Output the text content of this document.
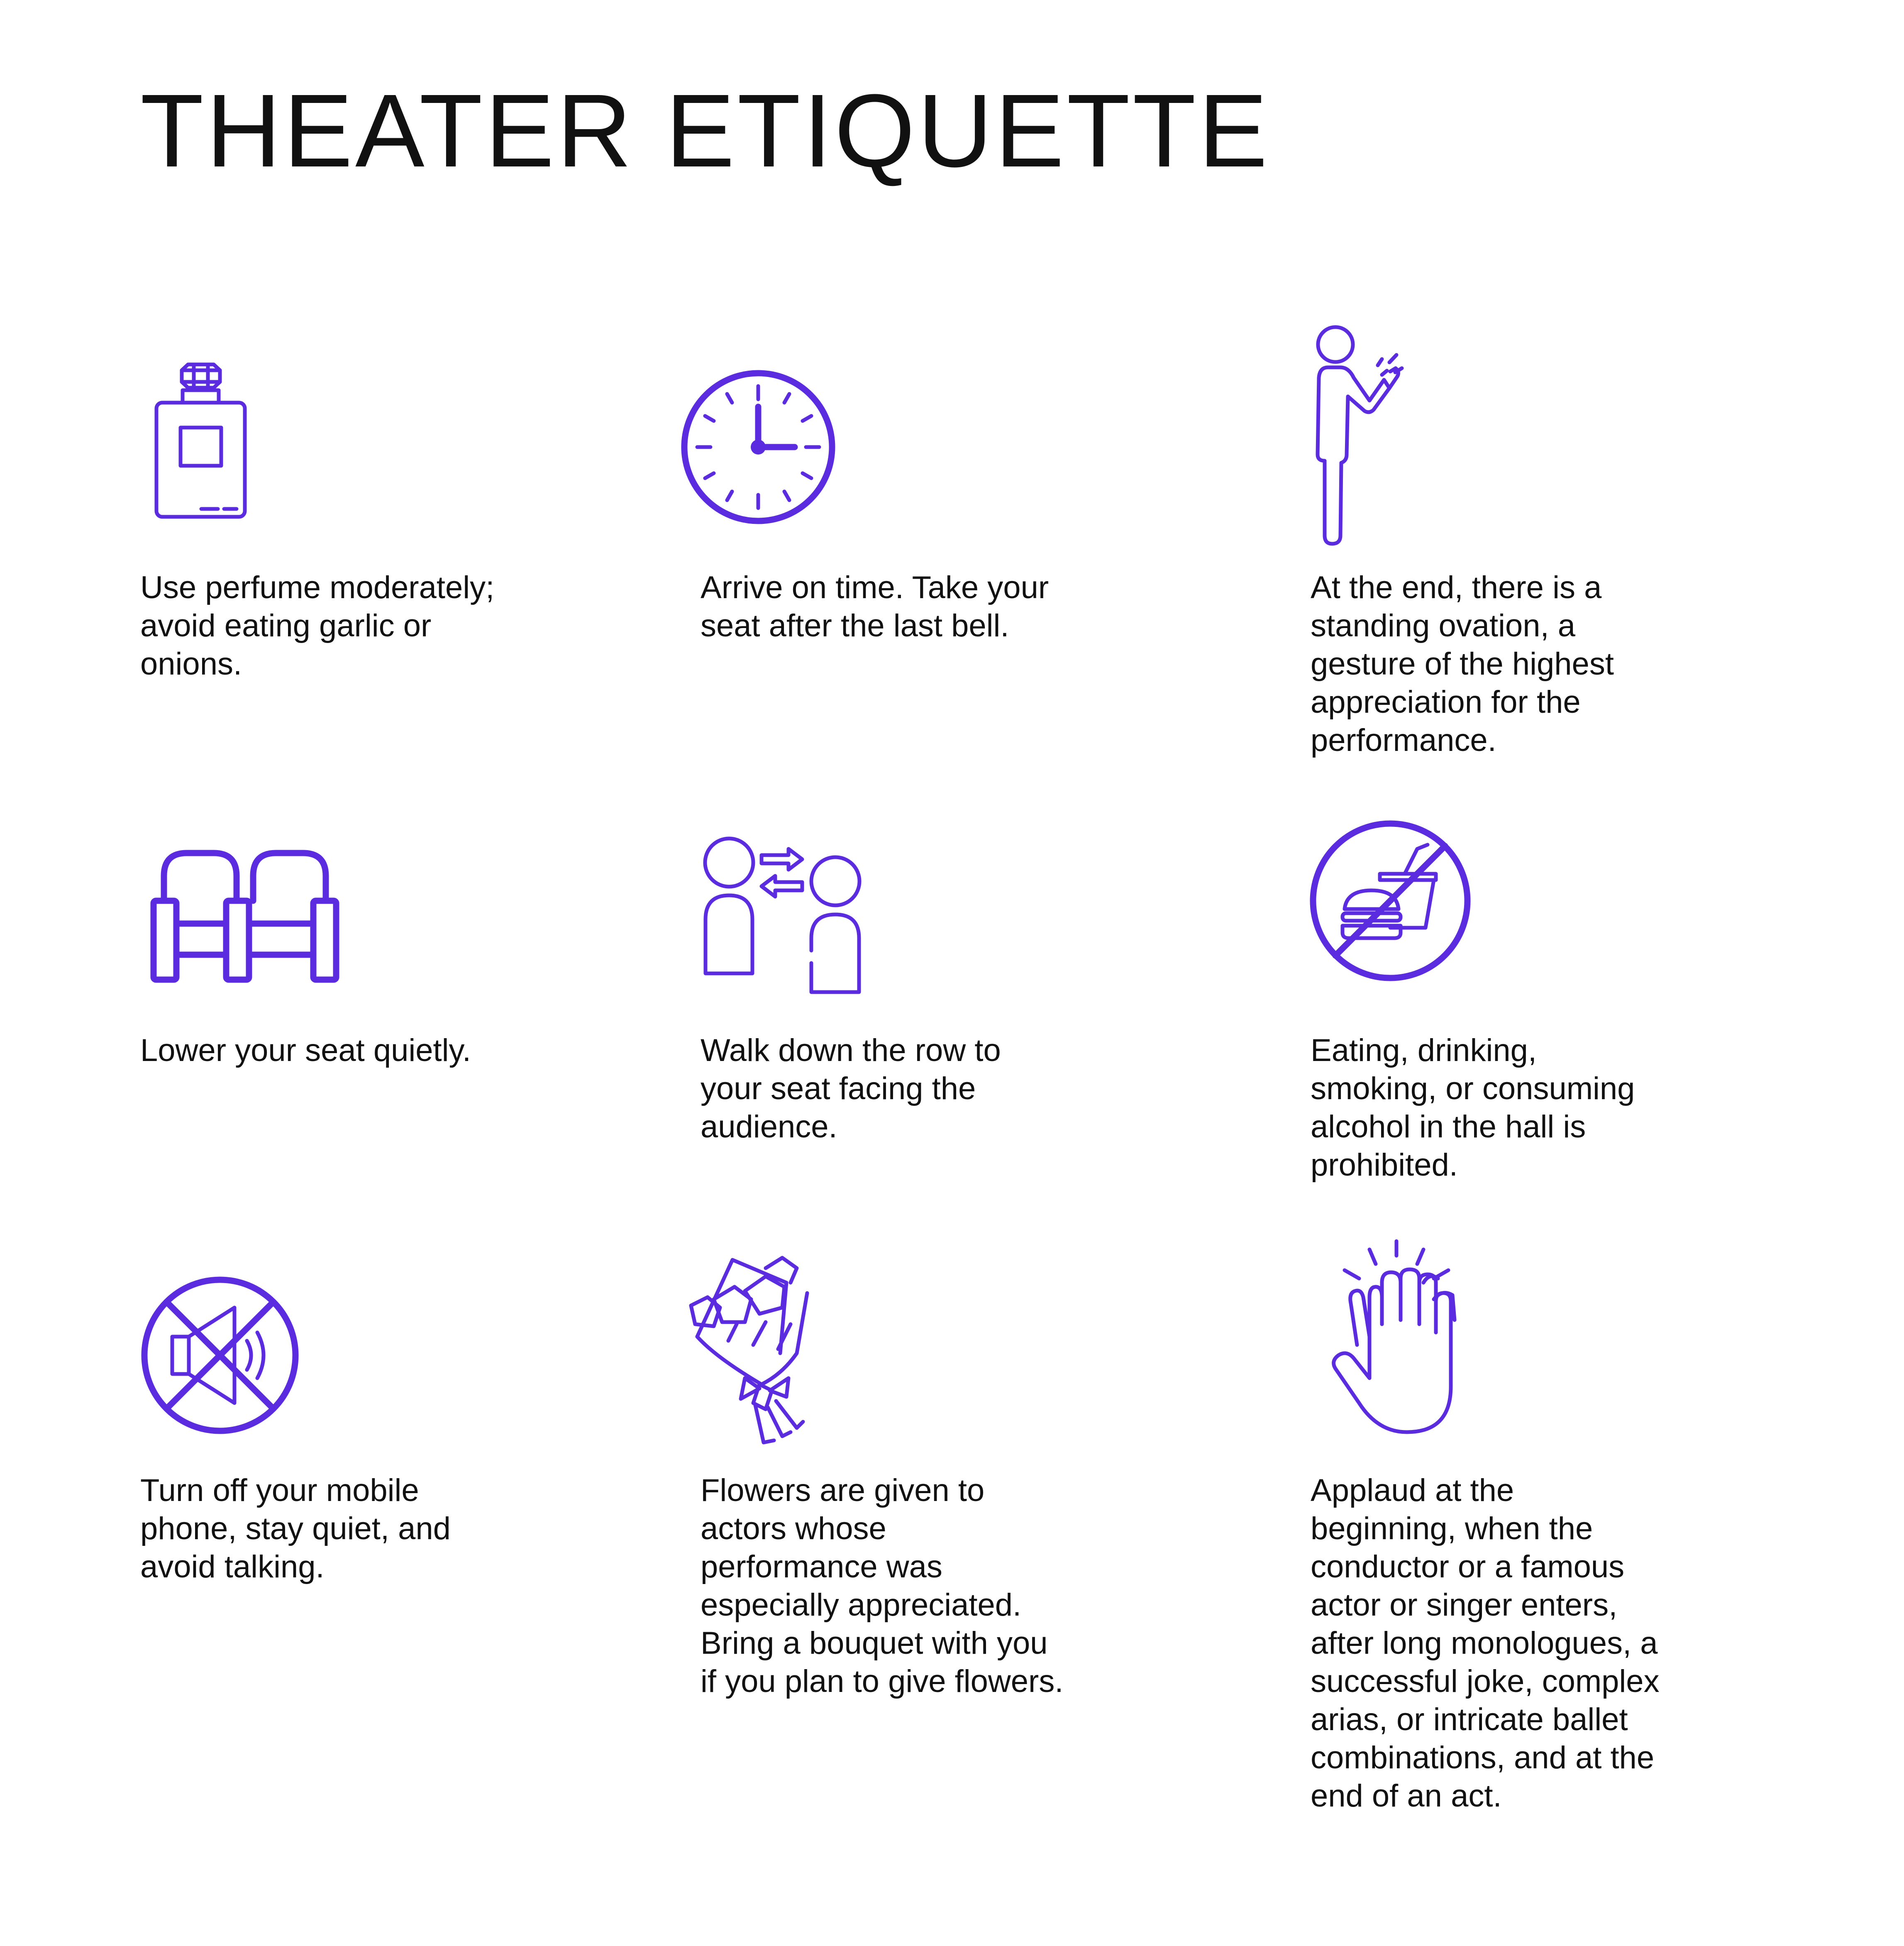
THEATER ETIQUETTE

Use perfume moderately;
avoid eating garlic or
onions.

Arrive on time. Take your
seat after the last bell.

At the end, there is a
standing ovation, a
gesture of the highest
appreciation for the
performance.

Lower your seat quietly.	Walk down the row to
your seat facing the
audience.

Eating, drinking,
smoking, or consuming
alcohol in the hall is
prohibited.

Turn off your mobile
phone, stay quiet, and
avoid talking.

Flowers are given to
actors whose
performance was
especially appreciated.
Bring a bouquet with you
if you plan to give flowers.

Applaud at the
beginning, when the
conductor or a famous
actor or singer enters,
after long monologues, a
successful joke, complex
arias, or intricate ballet
combinations, and at the
end of an act.
